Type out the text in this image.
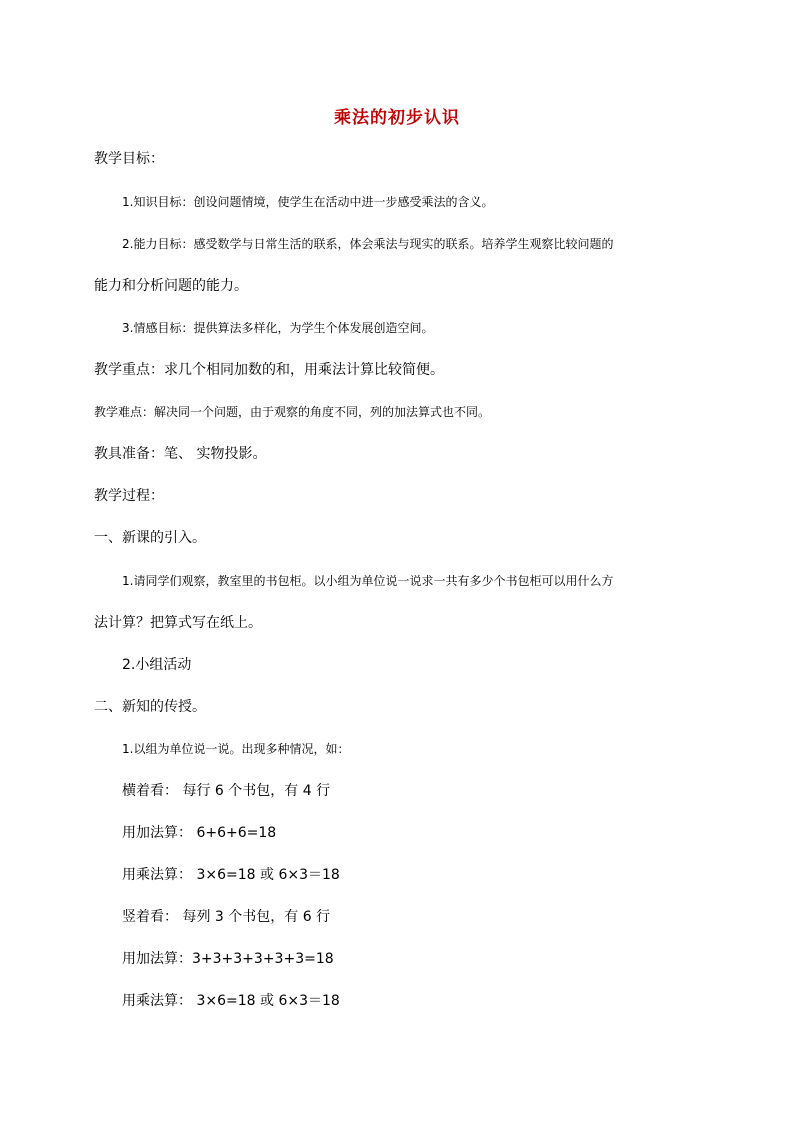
乘法的初步认识
教学目标：
1.知识目标：创设问题情境，使学生在活动中进一步感受乘法的含义。
2.能力目标：感受数学与日常生活的联系，体会乘法与现实的联系。培养学生观察比较问题的
能力和分析问题的能力。
3.情感目标：提供算法多样化，为学生个体发展创造空间。
教学重点：求几个相同加数的和，用乘法计算比较简便。
教学难点：解决同一个问题，由于观察的角度不同，列的加法算式也不同。
教具准备：笔、 实物投影。
教学过程：
一、新课的引入。
1.请同学们观察，教室里的书包柜。以小组为单位说一说求一共有多少个书包柜可以用什么方
法计算？把算式写在纸上。
2.小组活动
二、新知的传授。
1.以组为单位说一说。出现多种情况，如：
横着看： 每行 6 个书包，有 4 行
用加法算： 6+6+6=18
用乘法算： 3×6=18 或 6×3＝18
竖着看： 每列 3 个书包，有 6 行
用加法算：3+3+3+3+3+3=18
用乘法算： 3×6=18 或 6×3＝18
